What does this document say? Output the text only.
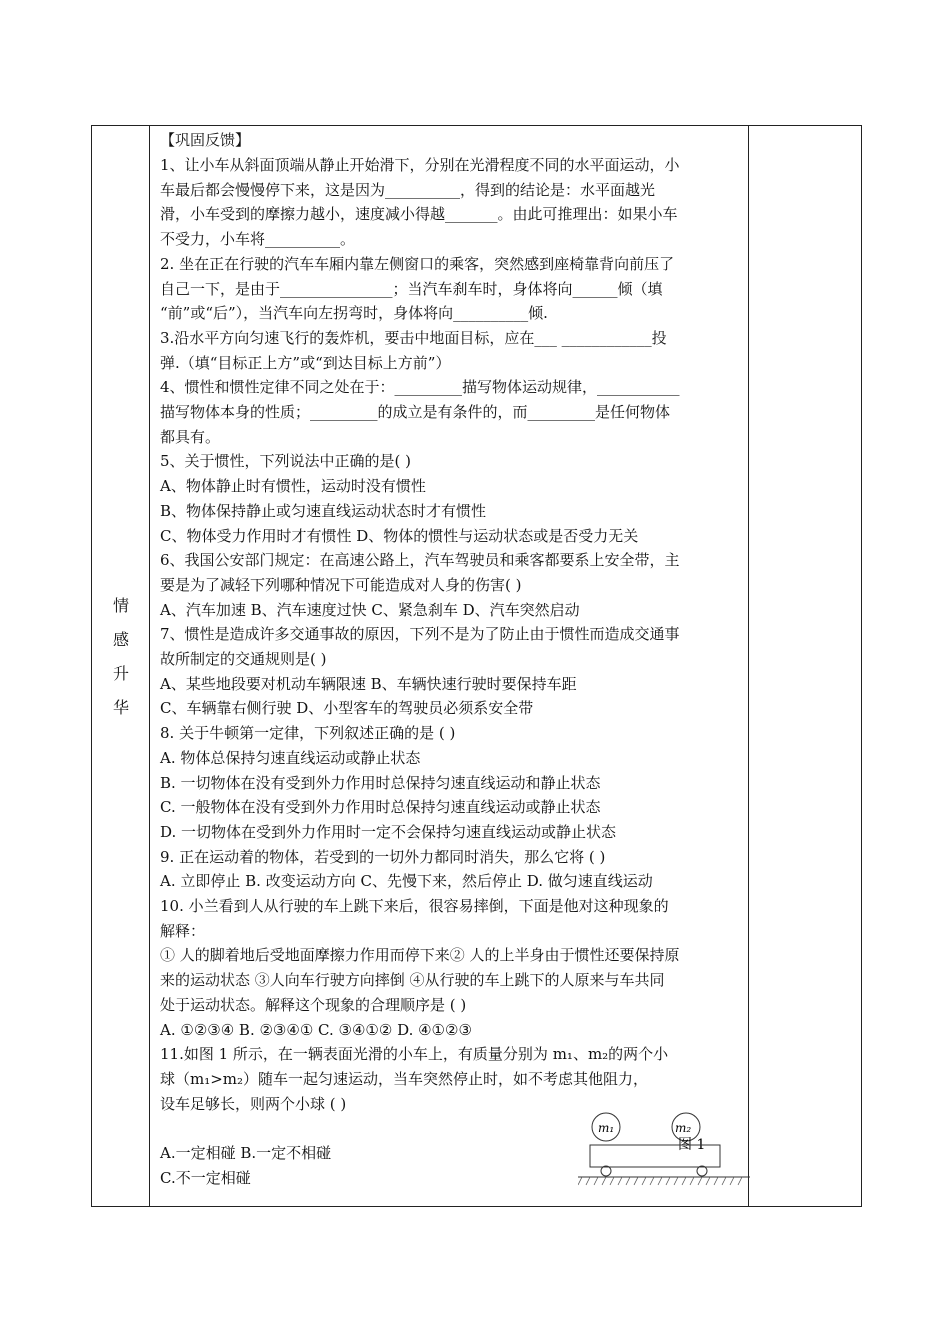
情
感
升
华
【巩固反馈】
1、让小车从斜面顶端从静止开始滑下，分别在光滑程度不同的水平面运动，小
车最后都会慢慢停下来，这是因为__________，得到的结论是：水平面越光
滑，小车受到的摩擦力越小，速度减小得越_______。由此可推理出：如果小车
不受力，小车将__________。
2. 坐在正在行驶的汽车车厢内靠左侧窗口的乘客，突然感到座椅靠背向前压了
自己一下，是由于_______________；当汽车刹车时，身体将向______倾（填
“前”或“后”），当汽车向左拐弯时，身体将向__________倾.
3.沿水平方向匀速飞行的轰炸机，要击中地面目标，应在___ ____________投
弹.（填“目标正上方”或“到达目标上方前”）
4、惯性和惯性定律不同之处在于：_________描写物体运动规律，___________
描写物体本身的性质；_________的成立是有条件的，而_________是任何物体
都具有。
5、关于惯性，下列说法中正确的是( )
A、物体静止时有惯性，运动时没有惯性
B、物体保持静止或匀速直线运动状态时才有惯性
C、物体受力作用时才有惯性 D、物体的惯性与运动状态或是否受力无关
6、我国公安部门规定：在高速公路上，汽车驾驶员和乘客都要系上安全带，主
要是为了减轻下列哪种情况下可能造成对人身的伤害( )
A、汽车加速 B、汽车速度过快 C、紧急刹车 D、汽车突然启动
7、惯性是造成许多交通事故的原因，下列不是为了防止由于惯性而造成交通事
故所制定的交通规则是( )
A、某些地段要对机动车辆限速 B、车辆快速行驶时要保持车距
C、车辆靠右侧行驶 D、小型客车的驾驶员必须系安全带
8. 关于牛顿第一定律，下列叙述正确的是 ( )
A. 物体总保持匀速直线运动或静止状态
B. 一切物体在没有受到外力作用时总保持匀速直线运动和静止状态
C. 一般物体在没有受到外力作用时总保持匀速直线运动或静止状态
D. 一切物体在受到外力作用时一定不会保持匀速直线运动或静止状态
9. 正在运动着的物体，若受到的一切外力都同时消失，那么它将 ( )
A. 立即停止 B. 改变运动方向 C、先慢下来，然后停止 D. 做匀速直线运动
10. 小兰看到人从行驶的车上跳下来后，很容易摔倒，下面是他对这种现象的
解释：
① 人的脚着地后受地面摩擦力作用而停下来② 人的上半身由于惯性还要保持原
来的运动状态 ③人向车行驶方向摔倒 ④从行驶的车上跳下的人原来与车共同
处于运动状态。解释这个现象的合理顺序是 ( )
A. ①②③④ B. ②③④① C. ③④①② D. ④①②③
11.如图 1 所示，在一辆表面光滑的小车上，有质量分别为 m₁、m₂的两个小
球（m₁>m₂）随车一起匀速运动，当车突然停止时，如不考虑其他阻力，
设车足够长，则两个小球 ( )
A.一定相碰 B.一定不相碰
C.不一定相碰
m₁	m₂
图 1
